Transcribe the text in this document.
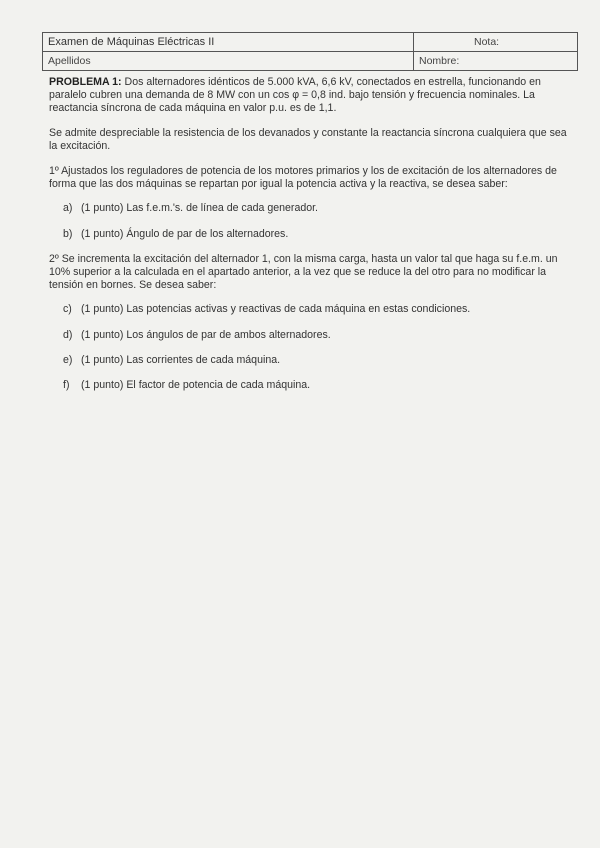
Examen de Máquinas Eléctricas II	Nota:
Apellidos	Nombre:

PROBLEMA 1: Dos alternadores idénticos de 5.000 kVA, 6,6 kV, conectados en estrella, funcionando en paralelo cubren una demanda de 8 MW con un cos φ = 0,8 ind. bajo tensión y frecuencia nominales. La reactancia síncrona de cada máquina en valor p.u. es de 1,1.

Se admite despreciable la resistencia de los devanados y constante la reactancia síncrona cualquiera que sea la excitación.

1º Ajustados los reguladores de potencia de los motores primarios y los de excitación de los alternadores de forma que las dos máquinas se repartan por igual la potencia activa y la reactiva, se desea saber:

a) (1 punto) Las f.e.m.'s. de línea de cada generador.
b) (1 punto) Ángulo de par de los alternadores.

2º Se incrementa la excitación del alternador 1, con la misma carga, hasta un valor tal que haga su f.e.m. un 10% superior a la calculada en el apartado anterior, a la vez que se reduce la del otro para no modificar la tensión en bornes. Se desea saber:

c) (1 punto) Las potencias activas y reactivas de cada máquina en estas condiciones.
d) (1 punto) Los ángulos de par de ambos alternadores.
e) (1 punto) Las corrientes de cada máquina.
f)	(1 punto) El factor de potencia de cada máquina.
